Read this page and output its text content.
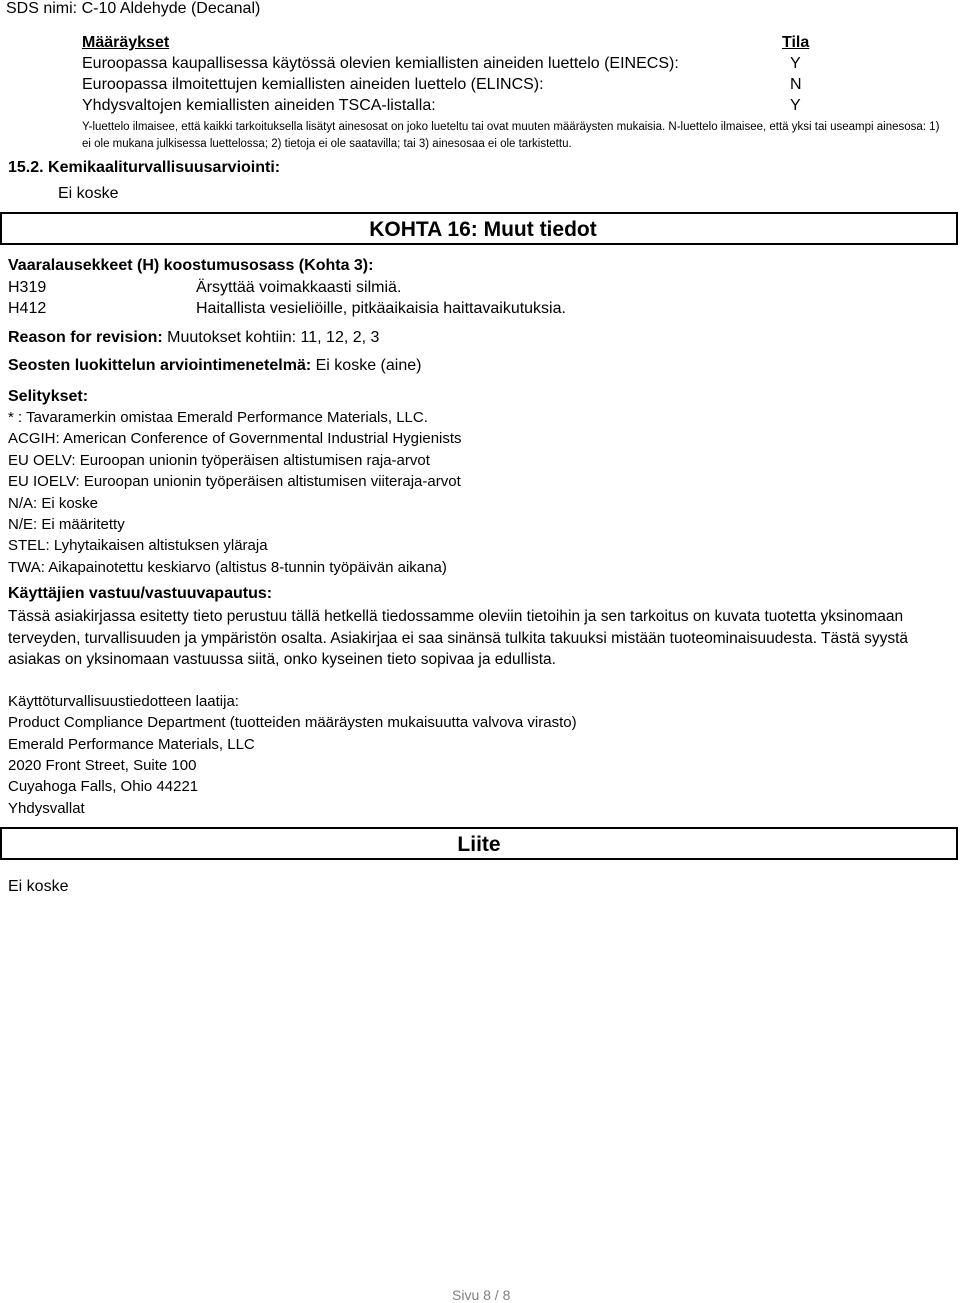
SDS nimi: C-10 Aldehyde (Decanal)
Määräykset	Tila
Euroopassa kaupallisessa käytössä olevien kemiallisten aineiden luettelo (EINECS):	Y
Euroopassa ilmoitettujen kemiallisten aineiden luettelo (ELINCS):	N
Yhdysvaltojen kemiallisten aineiden TSCA-listalla:	Y
Y-luettelo ilmaisee, että kaikki tarkoituksella lisätyt ainesosat on joko lueteltu tai ovat muuten määräysten mukaisia. N-luettelo ilmaisee, että yksi tai useampi ainesosa: 1) ei ole mukana julkisessa luettelossa; 2) tietoja ei ole saatavilla; tai 3) ainesosaa ei ole tarkistettu.
15.2. Kemikaaliturvallisuusarviointi:
Ei koske
KOHTA 16: Muut tiedot
Vaaralausekkeet (H) koostumusosass (Kohta 3):
H319	Ärsyttää voimakkaasti silmiä.
H412	Haitallista vesieliöille, pitkäaikaisia haittavaikutuksia.
Reason for revision: Muutokset kohtiin: 11, 12, 2, 3
Seosten luokittelun arviointimenetelmä: Ei koske (aine)
Selitykset:
* : Tavaramerkin omistaa Emerald Performance Materials, LLC.
ACGIH: American Conference of Governmental Industrial Hygienists
EU OELV: Euroopan unionin työperäisen altistumisen raja-arvot
EU IOELV: Euroopan unionin työperäisen altistumisen viiteraja-arvot
N/A: Ei koske
N/E: Ei määritetty
STEL: Lyhytaikaisen altistuksen yläraja
TWA: Aikapainotettu keskiarvo (altistus 8-tunnin työpäivän aikana)
Käyttäjien vastuu/vastuuvapautus:
Tässä asiakirjassa esitetty tieto perustuu tällä hetkellä tiedossamme oleviin tietoihin ja sen tarkoitus on kuvata tuotetta yksinomaan terveyden, turvallisuuden ja ympäristön osalta. Asiakirjaa ei saa sinänsä tulkita takuuksi mistään tuoteominaisuudesta. Tästä syystä asiakas on yksinomaan vastuussa siitä, onko kyseinen tieto sopivaa ja edullista.
Käyttöturvallisuustiedotteen laatija:
Product Compliance Department (tuotteiden määräysten mukaisuutta valvova virasto)
Emerald Performance Materials, LLC
2020 Front Street, Suite 100
Cuyahoga Falls, Ohio 44221
Yhdysvallat
Liite
Ei koske
Sivu 8 / 8
